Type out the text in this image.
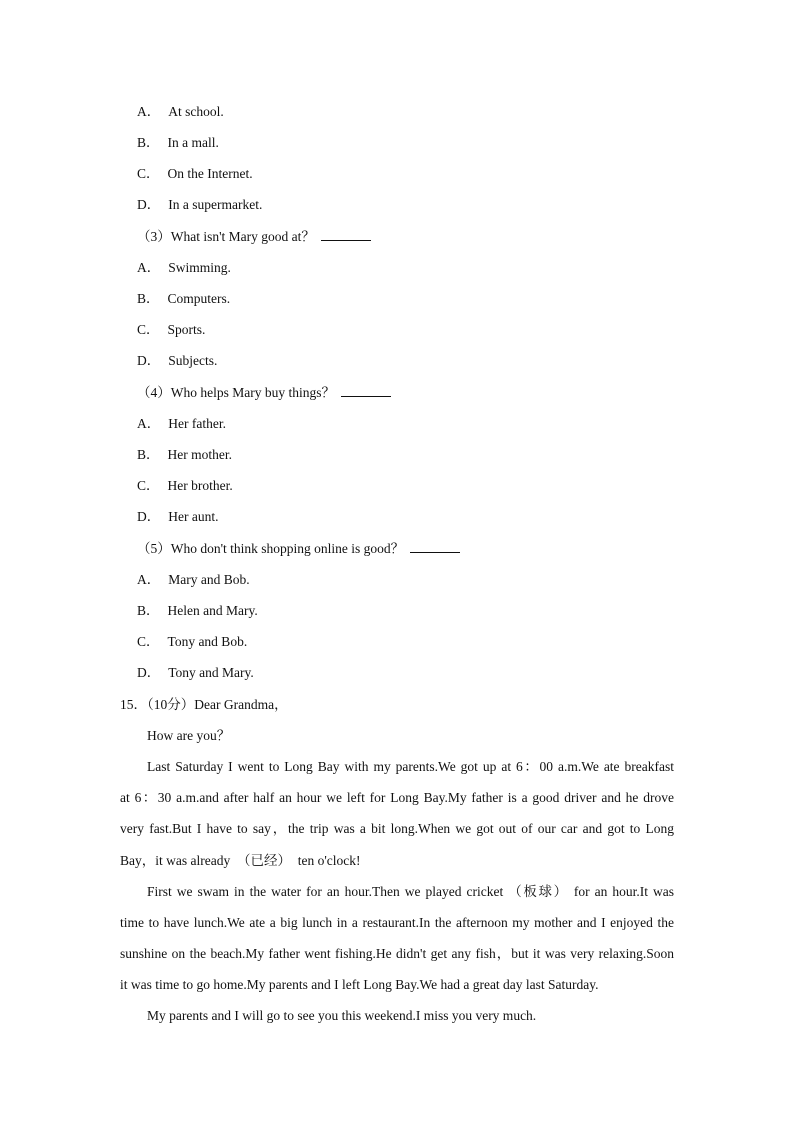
A． At school.
B． In a mall.
C． On the Internet.
D． In a supermarket.
（3）What isn't Mary good at？
A． Swimming.
B． Computers.
C． Sports.
D． Subjects.
（4）Who helps Mary buy things？
A． Her father.
B． Her mother.
C． Her brother.
D． Her aunt.
（5）Who don't think shopping online is good？
A． Mary and Bob.
B． Helen and Mary.
C． Tony and Bob.
D． Tony and Mary.
15．（10分）Dear Grandma，
How are you？
Last Saturday I went to Long Bay with my parents.We got up at 6：00 a.m.We ate breakfast
at 6：30 a.m.and after half an hour we left for Long Bay.My father is a good driver and he drove
very fast.But I have to say，the trip was a bit long.When we got out of our car and got to Long
Bay，it was already  （已经）  ten o'clock!
First we swam in the water for an hour.Then we played cricket （板球） for an hour.It was
time to have lunch.We ate a big lunch in a restaurant.In the afternoon my mother and I enjoyed the
sunshine on the beach.My father went fishing.He didn't get any fish，but it was very relaxing.Soon
it was time to go home.My parents and I left Long Bay.We had a great day last Saturday.
My parents and I will go to see you this weekend.I miss you very much.
